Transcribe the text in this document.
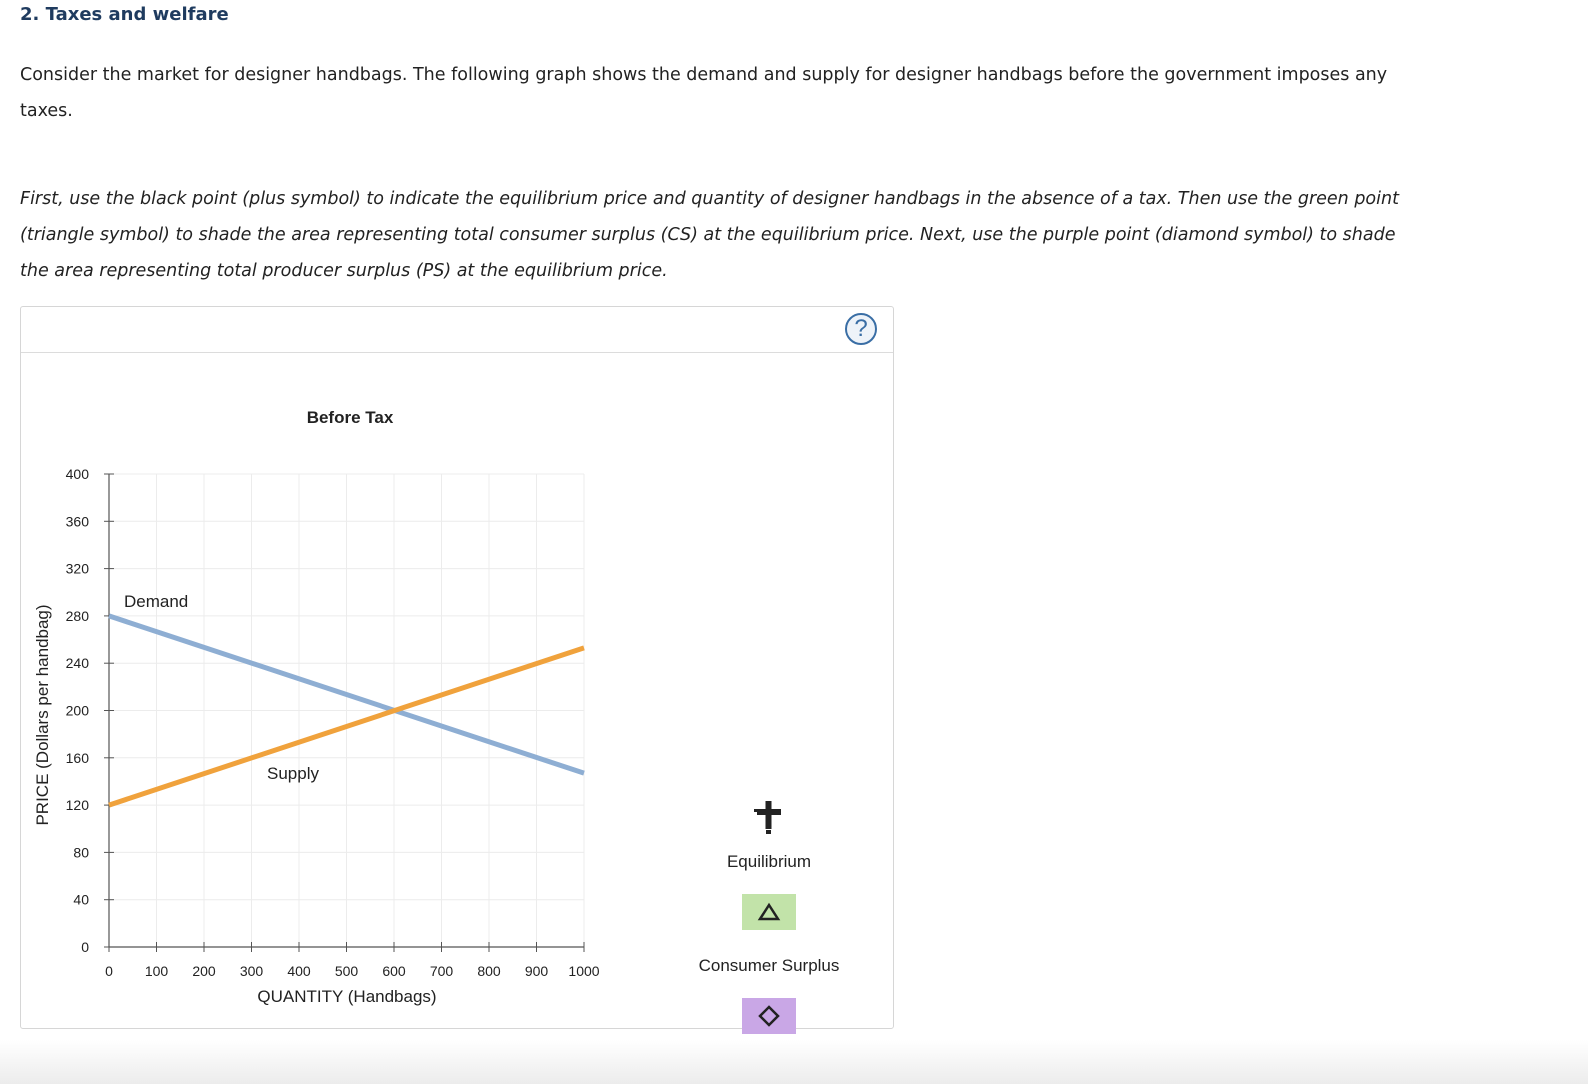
2. Taxes and welfare

Consider the market for designer handbags. The following graph shows the demand and supply for designer handbags before the government imposes any taxes.

First, use the black point (plus symbol) to indicate the equilibrium price and quantity of designer handbags in the absence of a tax. Then use the green point (triangle symbol) to shade the area representing total consumer surplus (CS) at the equilibrium price. Next, use the purple point (diamond symbol) to shade the area representing total producer surplus (PS) at the equilibrium price.

?
0
40
80
120
160
200
240
280
320
360
400
0 100 200 300 400 500 600 700 800 900 1000
Demand
Supply
Before Tax
QUANTITY (Handbags)
PRICE (Dollars per handbag)
Equilibrium
Consumer Surplus
